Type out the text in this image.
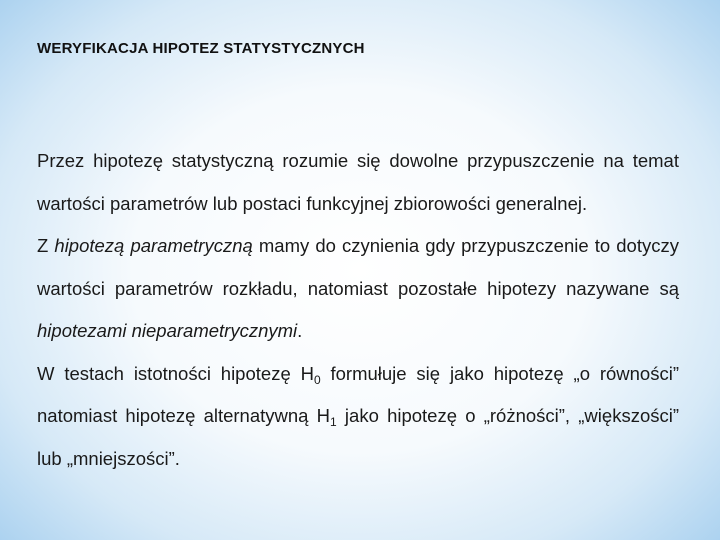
WERYFIKACJA HIPOTEZ STATYSTYCZNYCH

Przez hipotezę statystyczną rozumie się dowolne przypuszczenie na temat wartości parametrów lub postaci funkcyjnej zbiorowości generalnej.

Z hipotezą parametryczną mamy do czynienia gdy przypuszczenie to dotyczy wartości parametrów rozkładu, natomiast pozostałe hipotezy nazywane są hipotezami nieparametrycznymi.

W testach istotności hipotezę $H_0$ formułuje się jako hipotezę „o równości” natomiast hipotezę alternatywną $H_1$ jako hipotezę o „różności”, „większości” lub „mniejszości”.
